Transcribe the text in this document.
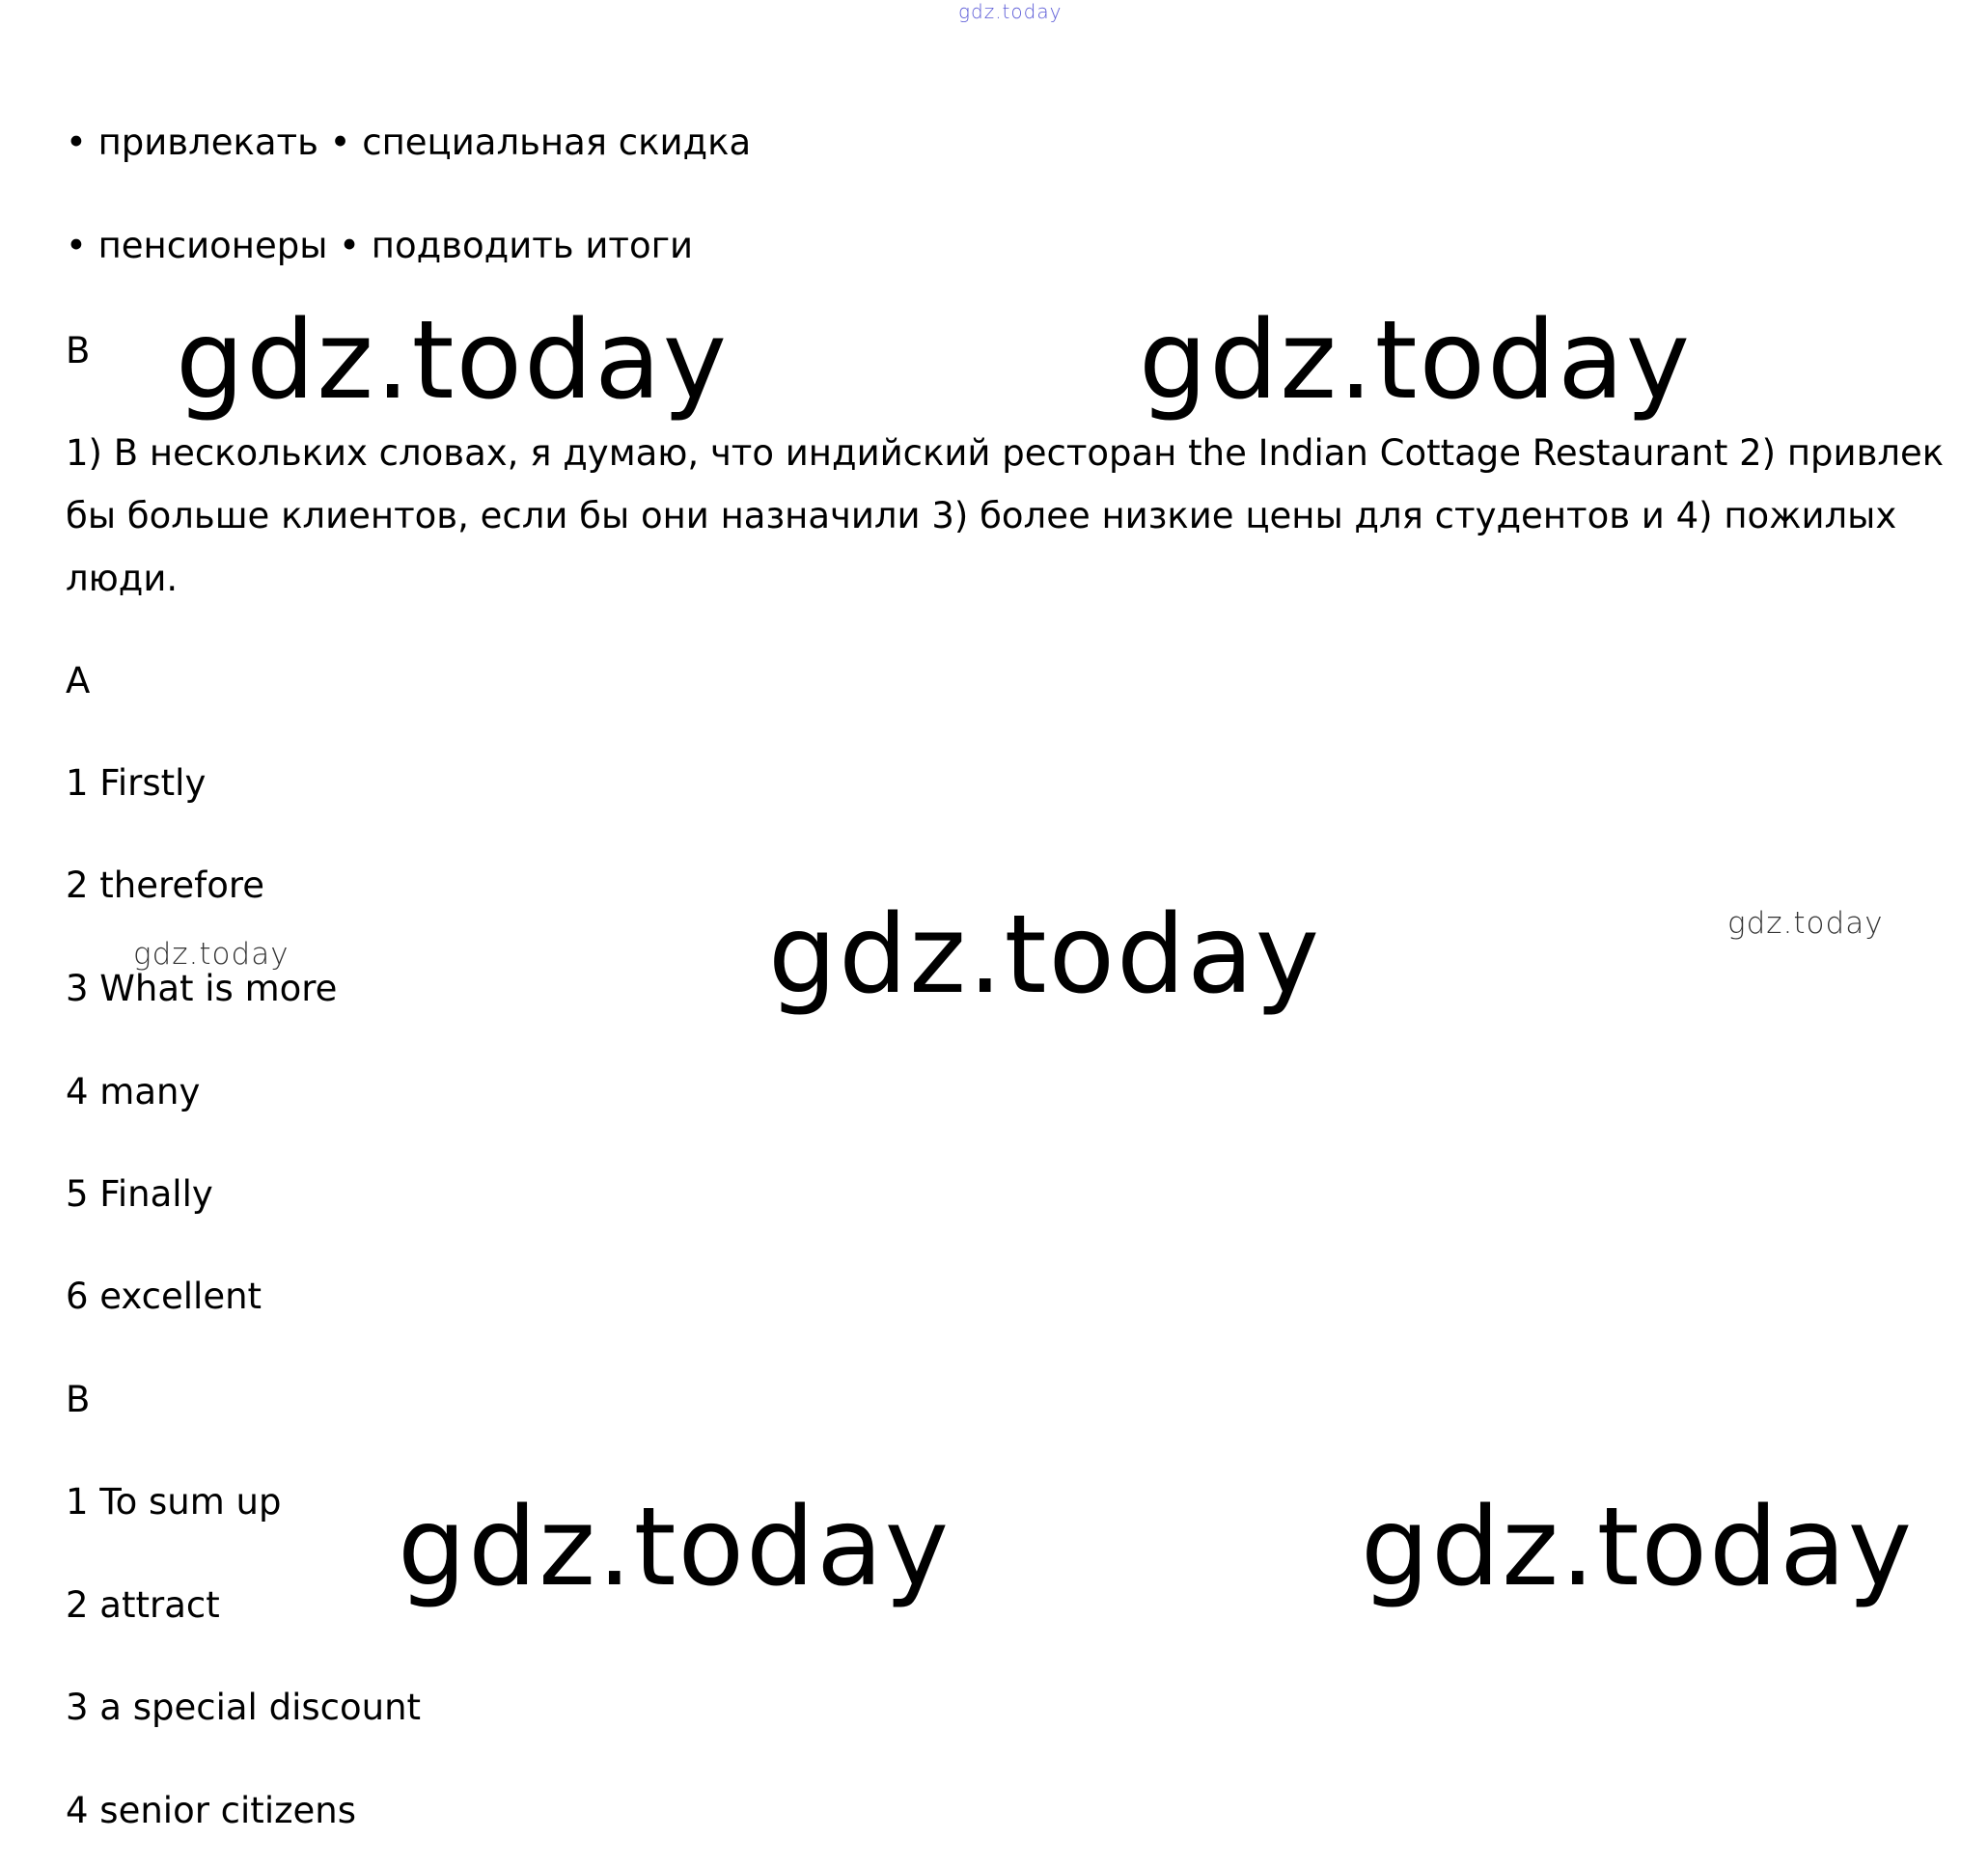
gdz.today
gdz.today	gdz.today
gdz.today
gdz.today	gdz.today
gdz.today
gdz.today

• привлекать • специальная скидка

• пенсионеры • подводить итоги

B

1) В нескольких словах, я думаю, что индийский ресторан the Indian Cottage Restaurant 2) привлек бы больше клиентов, если бы они назначили 3) более низкие цены для студентов и 4) пожилых люди.

A

1 Firstly

2 therefore

3 What is more

4 many

5 Finally

6 excellent

B

1 To sum up

2 attract

3 a special discount

4 senior citizens
